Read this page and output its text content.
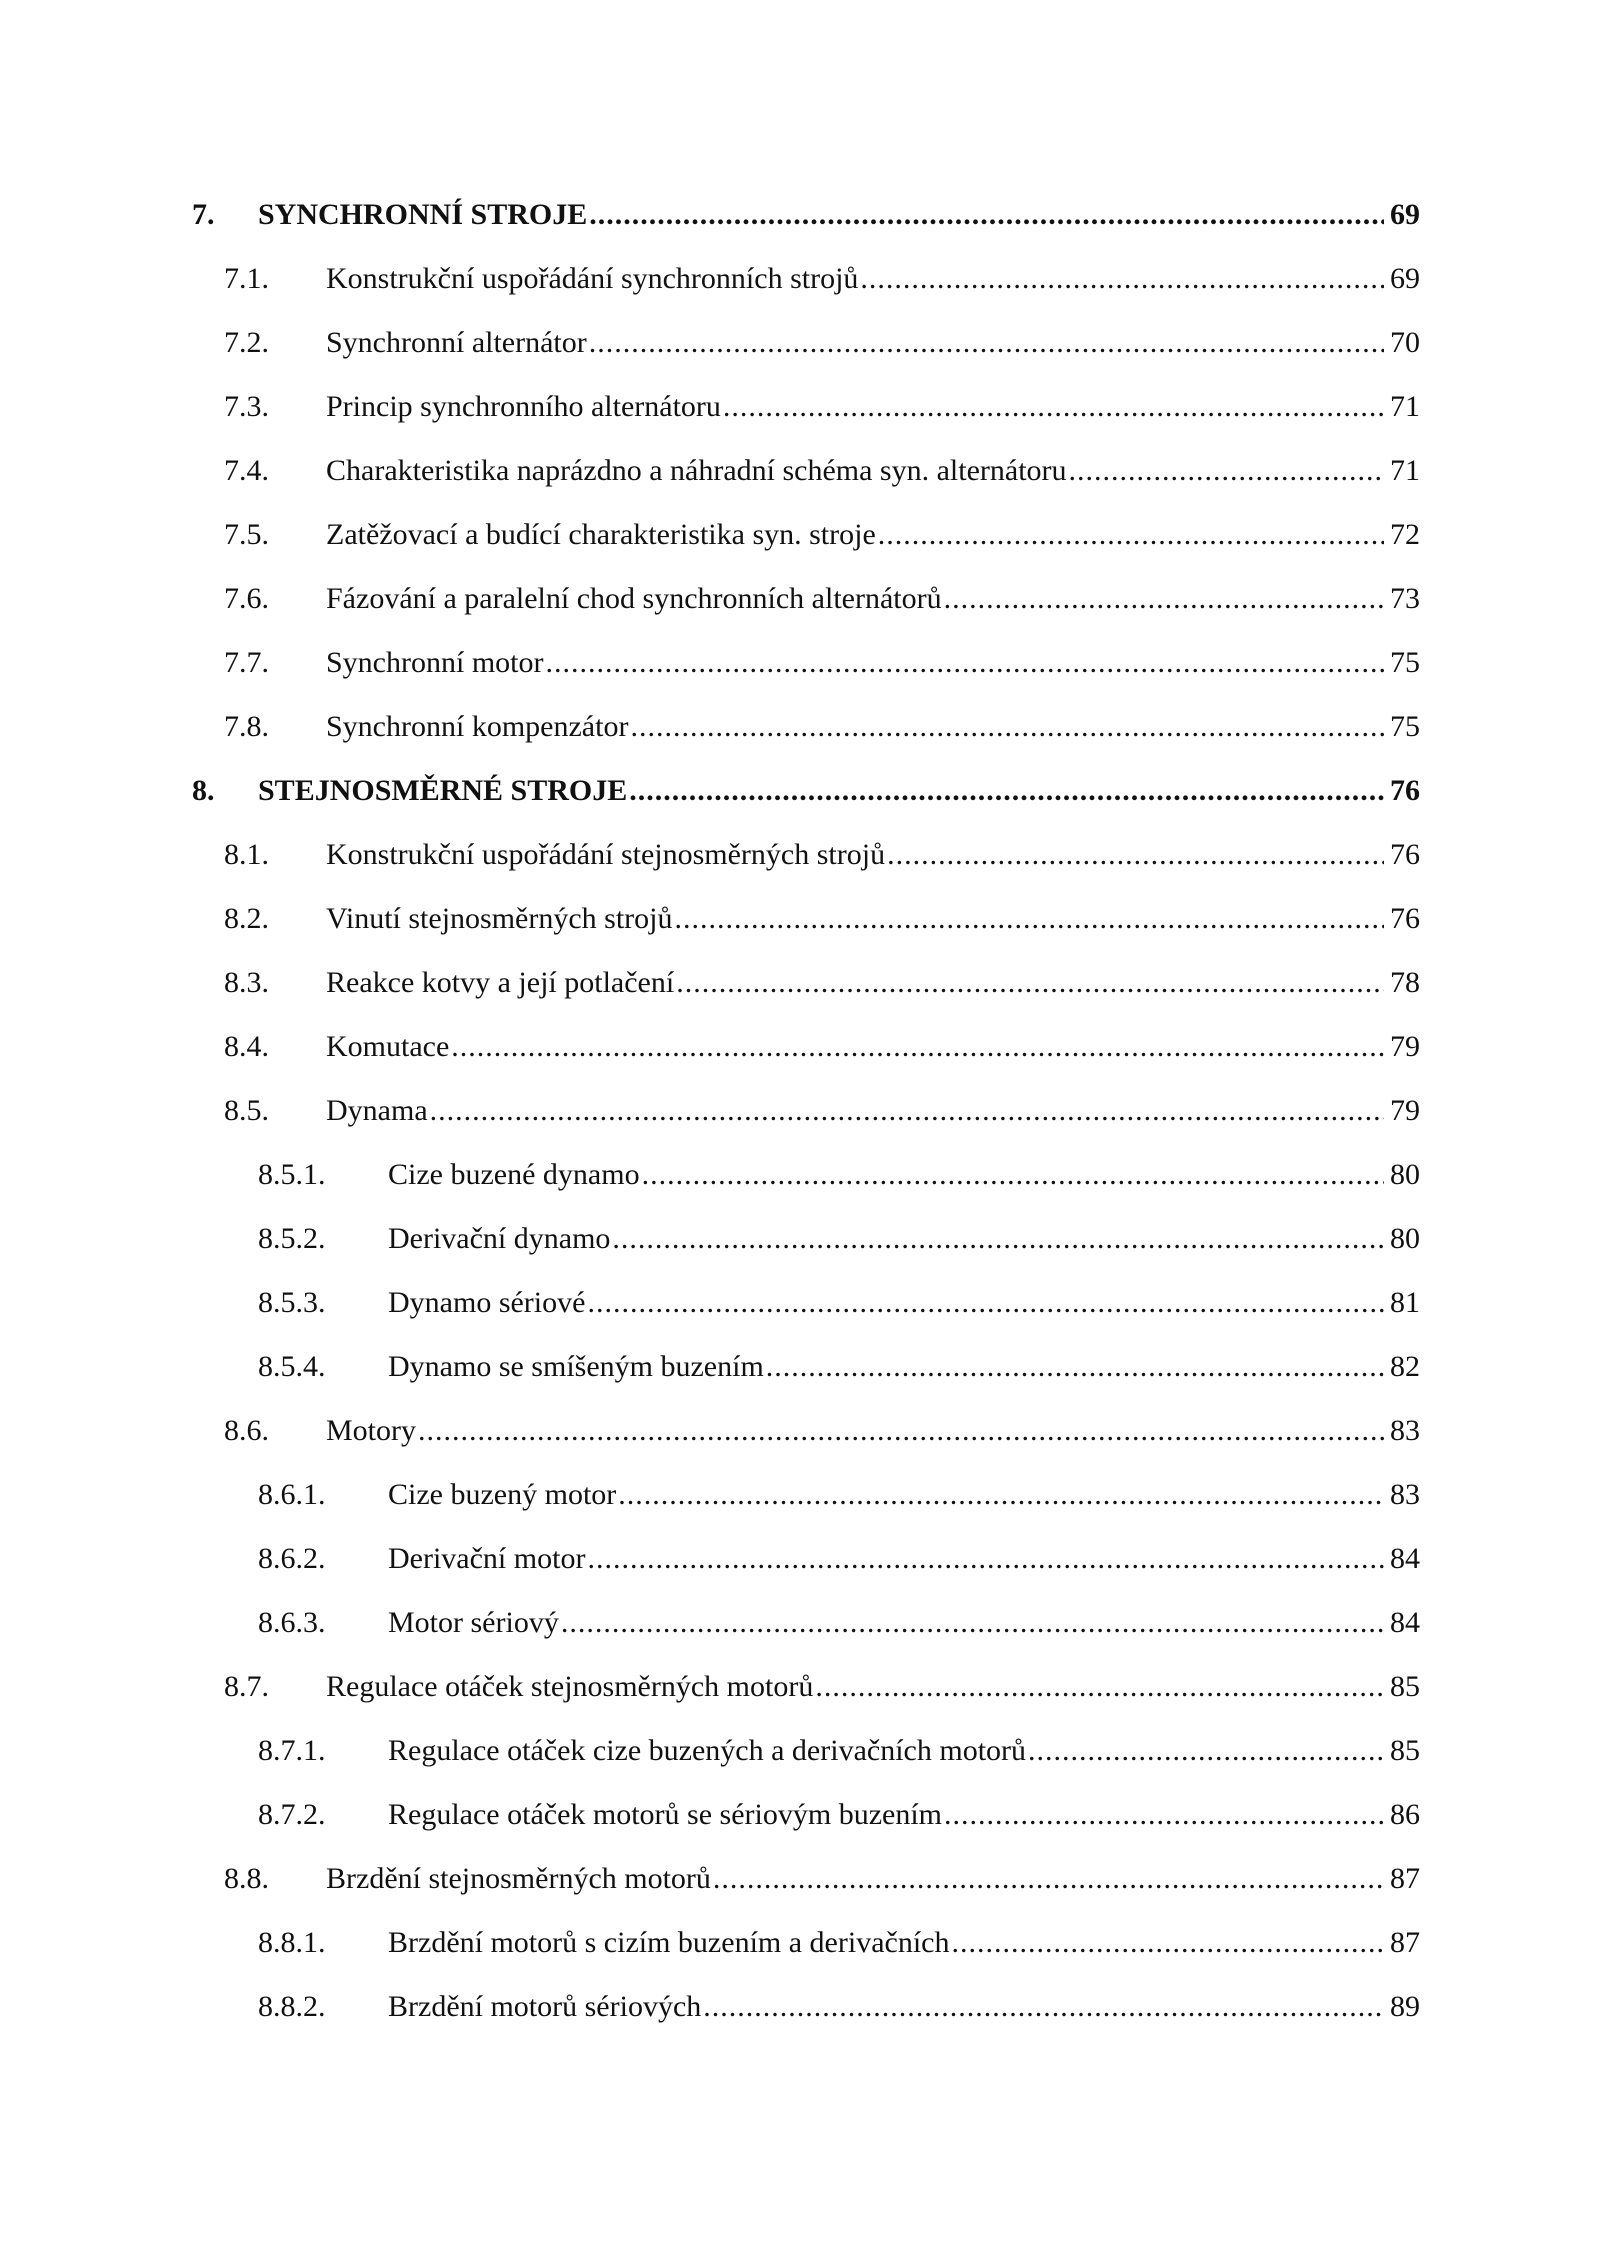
7. SYNCHRONNÍ STROJE .....	69
7.1. Konstrukční uspořádání synchronních strojů .....	69
7.2. Synchronní alternátor .....	70
7.3. Princip synchronního alternátoru .....	71
7.4. Charakteristika naprázdno a náhradní schéma syn. alternátoru .....	71
7.5. Zatěžovací a budící charakteristika syn. stroje .....	72
7.6. Fázování a paralelní chod synchronních alternátorů .....	73
7.7. Synchronní motor .....	75
7.8. Synchronní kompenzátor .....	75
8. STEJNOSMĚRNÉ STROJE .....	76
8.1. Konstrukční uspořádání stejnosměrných strojů .....	76
8.2. Vinutí stejnosměrných strojů .....	76
8.3. Reakce kotvy a její potlačení .....	78
8.4. Komutace .....	79
8.5. Dynama .....	79
8.5.1. Cize buzené dynamo .....	80
8.5.2. Derivační dynamo .....	80
8.5.3. Dynamo sériové .....	81
8.5.4. Dynamo se smíšeným buzením .....	82
8.6. Motory .....	83
8.6.1. Cize buzený motor .....	83
8.6.2. Derivační motor .....	84
8.6.3. Motor sériový .....	84
8.7. Regulace otáček stejnosměrných motorů .....	85
8.7.1. Regulace otáček cize buzených a derivačních motorů .....	85
8.7.2. Regulace otáček motorů se sériovým buzením .....	86
8.8. Brzdění stejnosměrných motorů .....	87
8.8.1. Brzdění motorů s cizím buzením a derivačních .....	87
8.8.2. Brzdění motorů sériových .....	89
